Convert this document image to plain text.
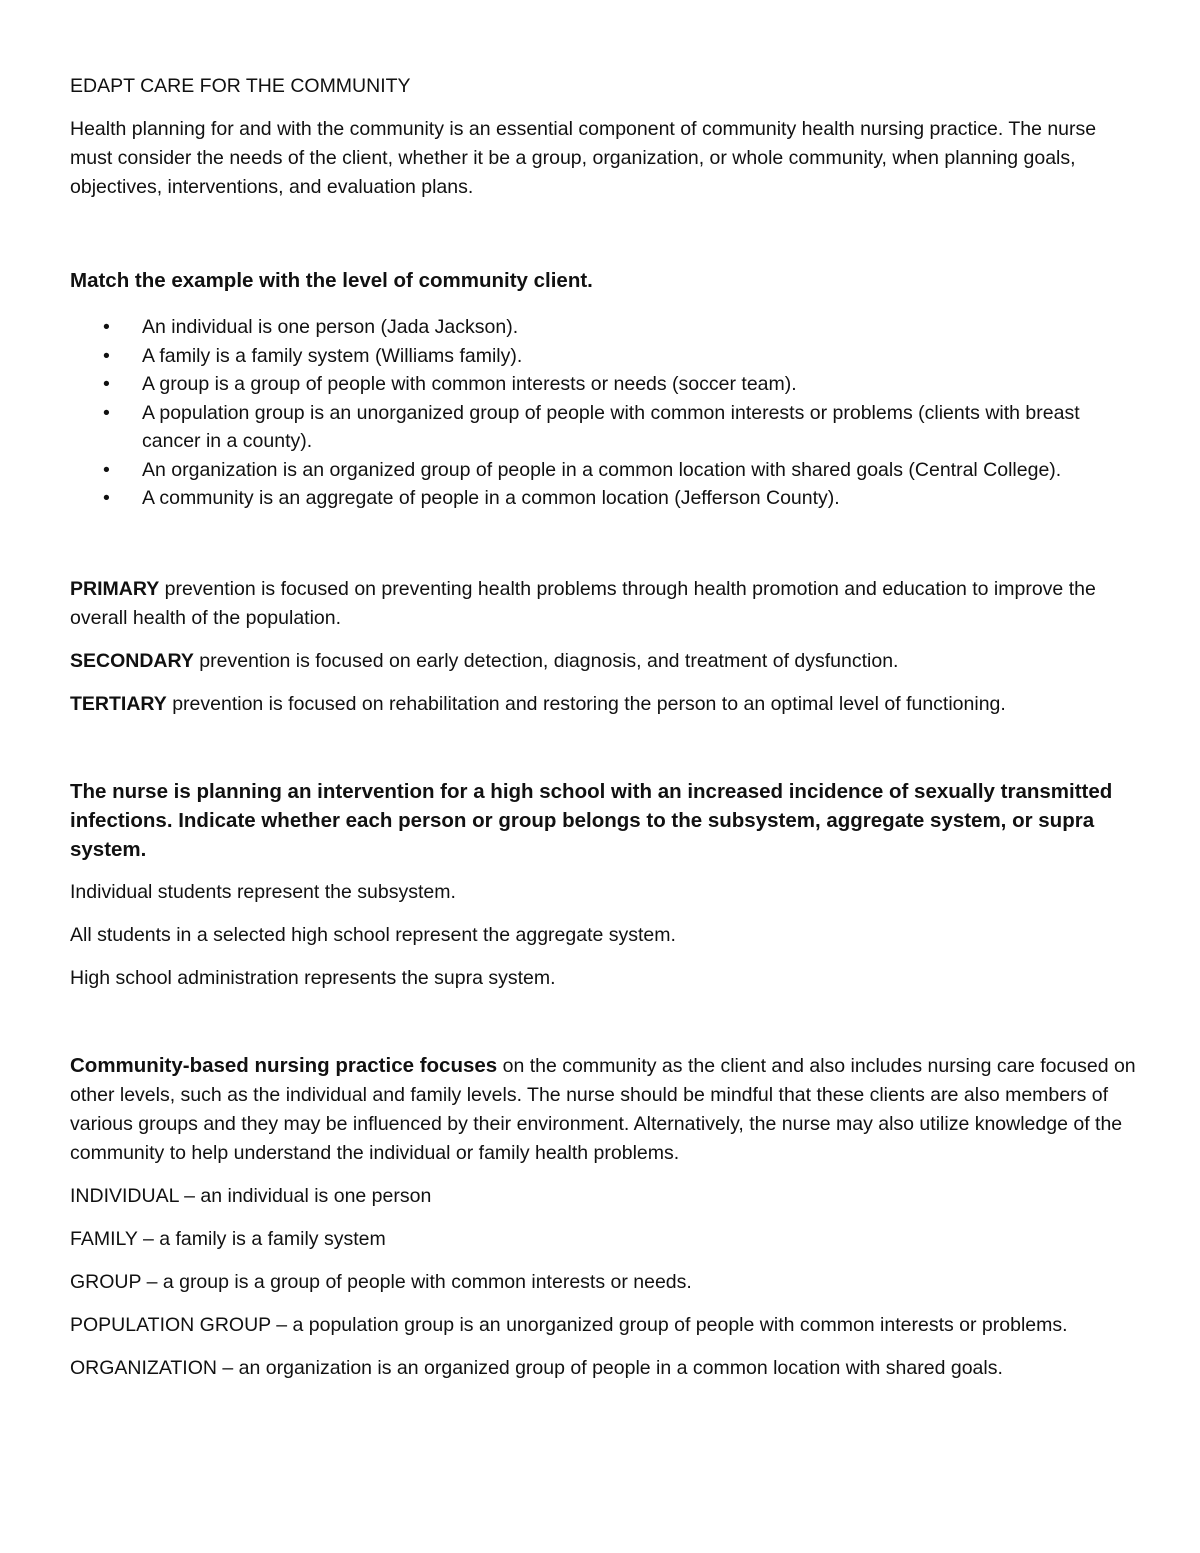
EDAPT CARE FOR THE COMMUNITY

Health planning for and with the community is an essential component of community health nursing practice. The nurse must consider the needs of the client, whether it be a group, organization, or whole community, when planning goals, objectives, interventions, and evaluation plans.

Match the example with the level of community client.

• An individual is one person (Jada Jackson).
• A family is a family system (Williams family).
• A group is a group of people with common interests or needs (soccer team).
• A population group is an unorganized group of people with common interests or problems (clients with breast cancer in a county).
• An organization is an organized group of people in a common location with shared goals (Central College).
• A community is an aggregate of people in a common location (Jefferson County).

PRIMARY prevention is focused on preventing health problems through health promotion and education to improve the overall health of the population.

SECONDARY prevention is focused on early detection, diagnosis, and treatment of dysfunction.

TERTIARY prevention is focused on rehabilitation and restoring the person to an optimal level of functioning.

The nurse is planning an intervention for a high school with an increased incidence of sexually transmitted infections. Indicate whether each person or group belongs to the subsystem, aggregate system, or supra system.

Individual students represent the subsystem.

All students in a selected high school represent the aggregate system.

High school administration represents the supra system.

Community-based nursing practice focuses on the community as the client and also includes nursing care focused on other levels, such as the individual and family levels. The nurse should be mindful that these clients are also members of various groups and they may be influenced by their environment. Alternatively, the nurse may also utilize knowledge of the community to help understand the individual or family health problems.

INDIVIDUAL – an individual is one person

FAMILY – a family is a family system

GROUP – a group is a group of people with common interests or needs.

POPULATION GROUP – a population group is an unorganized group of people with common interests or problems.

ORGANIZATION – an organization is an organized group of people in a common location with shared goals.
